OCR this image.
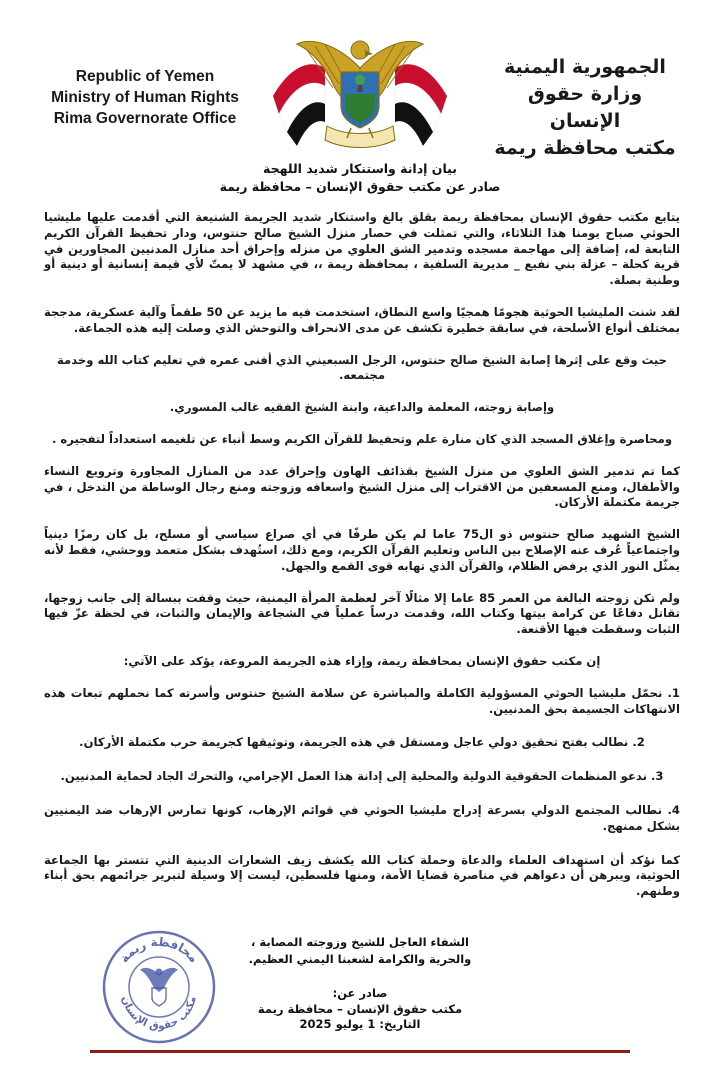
Republic of Yemen
Ministry of Human Rights
Rima Governorate Office
الجمهورية اليمنية
وزارة حقوق الإنسان
مكتب محافظة ريمة
بيان إدانة واستنكار شديد اللهجة
صادر عن مكتب حقوق الإنسان – محافظة ريمة

يتابع مكتب حقوق الإنسان بمحافظة ريمة بقلق بالغ واستنكار شديد الجريمة الشنيعة التي أقدمت عليها مليشيا الحوثي صباح يومنا هذا الثلاثاء، والتي تمثلت في حصار منزل الشيخ صالح حنتوس، ودار تحفيظ القرآن الكريم التابعة له، إضافة إلى مهاجمة مسجده وتدمير الشق العلوي من منزله وإحراق أحد منازل المدنيين المجاورين في قرية كحلة – عزلة بني نفيع _ مديرية السلفية ، بمحافظة ريمة ،، في مشهد لا يمتّ لأي قيمة إنسانية أو دينية أو وطنية بصلة.

لقد شنت المليشيا الحوثية هجومًا همجيًا واسع النطاق، استخدمت فيه ما يزيد عن 50 طقماً وآلية عسكرية، مدججة بمختلف أنواع الأسلحة، في سابقة خطيرة تكشف عن مدى الانحراف والتوحش الذي وصلت إليه هذه الجماعة.

حيث وقع على إثرها إصابة الشيخ صالح حنتوس، الرجل السبعيني الذي أفنى عمره في تعليم كتاب الله وخدمة مجتمعه.

وإصابة زوجته، المعلمة والداعية، وابنة الشيخ الفقيه غالب المسوري.

ومحاصرة وإغلاق المسجد الذي كان منارة علم وتحفيظ للقرآن الكريم وسط أنباء عن تلغيمه استعداداً لتفجيره .

كما تم تدمير الشق العلوي من منزل الشيخ بقذائف الهاون وإحراق عدد من المنازل المجاورة وترويع النساء والأطفال، ومنع المسعفين من الاقتراب إلى منزل الشيخ واسعافه وزوجته ومنع رجال الوساطة من التدخل ، في جريمة مكتملة الأركان.

الشيخ الشهيد صالح حنتوس ذو ال75 عاما لم يكن طرفًا في أي صراع سياسي أو مسلح، بل كان رمزًا دينياً واجتماعياً عُرف عنه الإصلاح بين الناس وتعليم القرآن الكريم، ومع ذلك، استُهدف بشكل متعمد ووحشي، فقط لأنه يمثّل النور الذي يرفض الظلام، والقرآن الذي تهابه قوى القمع والجهل.

ولم تكن زوجته البالغة من العمر 85 عاما إلا مثالًا آخر لعظمة المرأة اليمنية، حيث وقفت ببسالة إلى جانب زوجها، تقاتل دفاعًا عن كرامة بيتها وكتاب الله، وقدمت درساً عملياً في الشجاعة والإيمان والثبات، في لحظة عزّ فيها الثبات وسقطت فيها الأقنعة.

إن مكتب حقوق الإنسان بمحافظة ريمة، وإزاء هذه الجريمة المروعة، يؤكد على الآتي:

1. نحمّل مليشيا الحوثي المسؤولية الكاملة والمباشرة عن سلامة الشيخ حنتوس وأسرته كما نحملهم تبعات هذه الانتهاكات الجسيمة بحق المدنيين.

2. نطالب بفتح تحقيق دولي عاجل ومستقل في هذه الجريمة، وتوثيقها كجريمة حرب مكتملة الأركان.

3. ندعو المنظمات الحقوقية الدولية والمحلية إلى إدانة هذا العمل الإجرامي، والتحرك الجاد لحماية المدنيين.

4. نطالب المجتمع الدولي بسرعة إدراج مليشيا الحوثي في قوائم الإرهاب، كونها تمارس الإرهاب ضد اليمنيين بشكل ممنهج.

كما نؤكد أن استهداف العلماء والدعاة وحملة كتاب الله يكشف زيف الشعارات الدينية التي تتستر بها الجماعة الحوثية، ويبرهن أن دعواهم في مناصرة قضايا الأمة، ومنها فلسطين، ليست إلا وسيلة لتبرير جرائمهم بحق أبناء وطنهم.

الشفاء العاجل للشيخ وزوجته المصابة ،
والحرية والكرامة لشعبنا اليمني العظيم.
صادر عن:
مكتب حقوق الإنسان – محافظة ريمة
التاريخ: 1 يوليو 2025
محافظة ريمة
مكتب حقوق الإنسان
